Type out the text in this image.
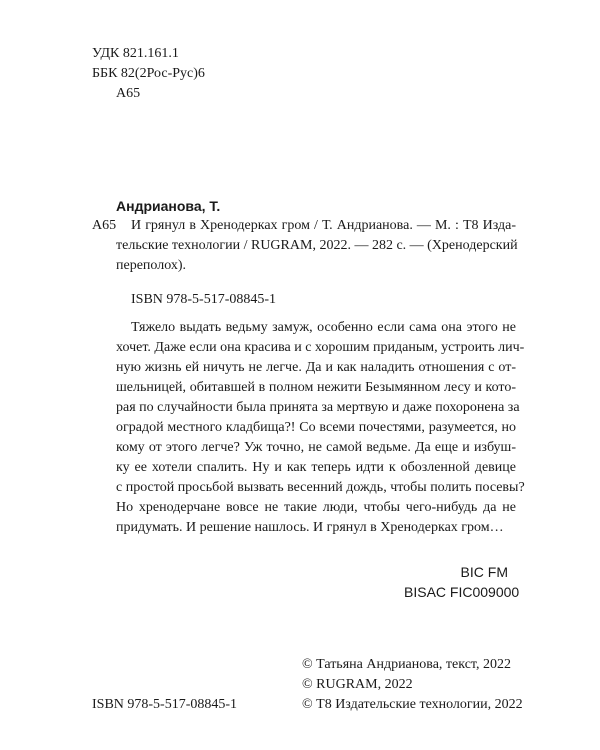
УДК 821.161.1
ББК 82(2Рос-Рус)6
А65
Андрианова, Т.
А65 И грянул в Хренодерках гром / Т. Андрианова. — М. : Т8 Изда-
тельские технологии / RUGRAM, 2022. — 282 с. — (Хренодерский
переполох).
ISBN 978-5-517-08845-1
Тяжело выдать ведьму замуж, особенно если сама она этого не
хочет. Даже если она красива и с хорошим приданым, устроить лич-
ную жизнь ей ничуть не легче. Да и как наладить отношения с от-
шельницей, обитавшей в полном нежити Безымянном лесу и кото-
рая по случайности была принята за мертвую и даже похоронена за
оградой местного кладбища?! Со всеми почестями, разумеется, но
кому от этого легче? Уж точно, не самой ведьме. Да еще и избуш-
ку ее хотели спалить. Ну и как теперь идти к обозленной девице
с простой просьбой вызвать весенний дождь, чтобы полить посевы?
Но хренодерчане вовсе не такие люди, чтобы чего-нибудь да не
придумать. И решение нашлось. И грянул в Хренодерках гром…
BIC FM
BISAC FIC009000
© Татьяна Андрианова, текст, 2022
© RUGRAM, 2022
ISBN 978-5-517-08845-1	© Т8 Издательские технологии, 2022
